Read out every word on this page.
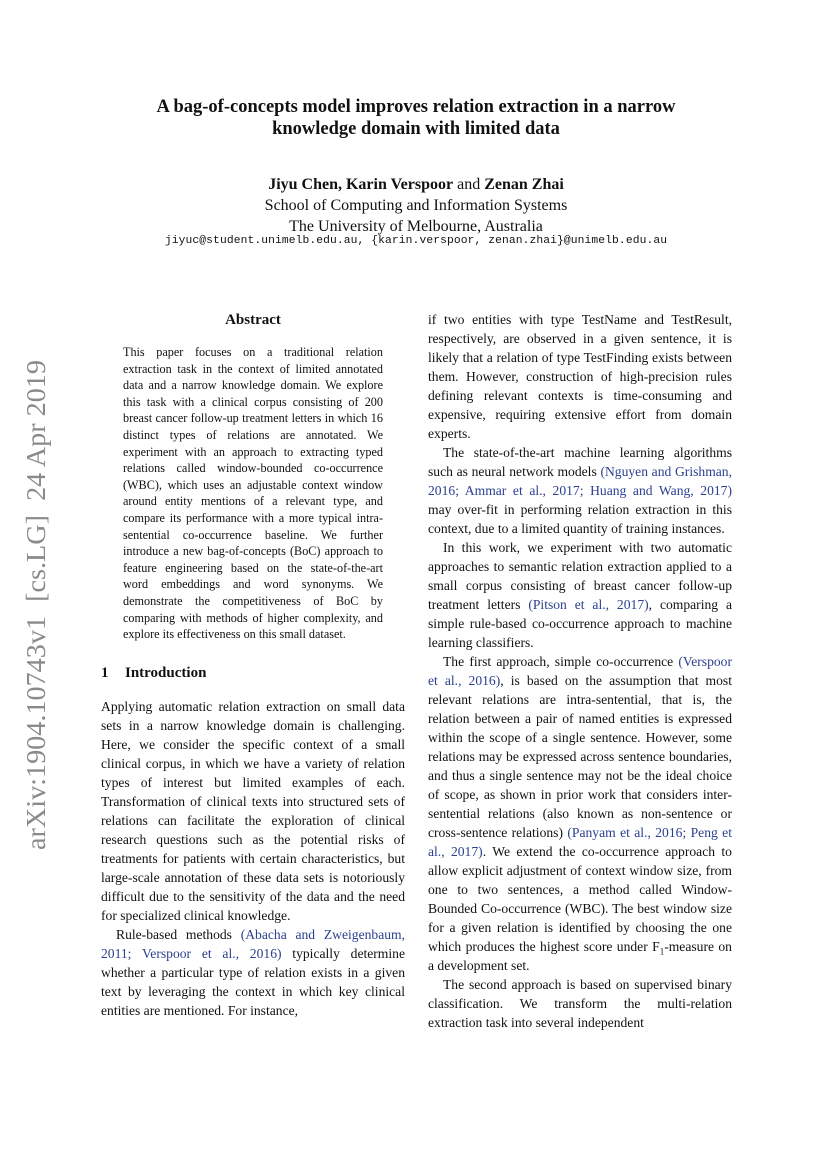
A bag-of-concepts model improves relation extraction in a narrow
knowledge domain with limited data
Jiyu Chen, Karin Verspoor and Zenan Zhai
School of Computing and Information Systems
The University of Melbourne, Australia
jiyuc@student.unimelb.edu.au, {karin.verspoor, zenan.zhai}@unimelb.edu.au
arXiv:1904.10743v1  [cs.LG]  24 Apr 2019
Abstract

This paper focuses on a traditional relation extraction task in the context of limited annotated data and a narrow knowledge domain. We explore this task with a clinical corpus consisting of 200 breast cancer follow-up treatment letters in which 16 distinct types of relations are annotated. We experiment with an approach to extracting typed relations called window-bounded co-occurrence (WBC), which uses an adjustable context window around entity mentions of a relevant type, and compare its performance with a more typical intra-sentential co-occurrence baseline. We further introduce a new bag-of-concepts (BoC) approach to feature engineering based on the state-of-the-art word embeddings and word synonyms. We demonstrate the competitiveness of BoC by comparing with methods of higher complexity, and explore its effectiveness on this small dataset.

1 Introduction

Applying automatic relation extraction on small data sets in a narrow knowledge domain is challenging. Here, we consider the specific context of a small clinical corpus, in which we have a variety of relation types of interest but limited examples of each. Transformation of clinical texts into structured sets of relations can facilitate the exploration of clinical research questions such as the potential risks of treatments for patients with certain characteristics, but large-scale annotation of these data sets is notoriously difficult due to the sensitivity of the data and the need for specialized clinical knowledge.

Rule-based methods (Abacha and Zweigenbaum, 2011; Verspoor et al., 2016) typically determine whether a particular type of relation exists in a given text by leveraging the context in which key clinical entities are mentioned. For instance,

if two entities with type TestName and TestResult, respectively, are observed in a given sentence, it is likely that a relation of type TestFinding exists between them. However, construction of high-precision rules defining relevant contexts is time-consuming and expensive, requiring extensive effort from domain experts.

The state-of-the-art machine learning algorithms such as neural network models (Nguyen and Grishman, 2016; Ammar et al., 2017; Huang and Wang, 2017) may over-fit in performing relation extraction in this context, due to a limited quantity of training instances.

In this work, we experiment with two automatic approaches to semantic relation extraction applied to a small corpus consisting of breast cancer follow-up treatment letters (Pitson et al., 2017), comparing a simple rule-based co-occurrence approach to machine learning classifiers.

The first approach, simple co-occurrence (Verspoor et al., 2016), is based on the assumption that most relevant relations are intra-sentential, that is, the relation between a pair of named entities is expressed within the scope of a single sentence. However, some relations may be expressed across sentence boundaries, and thus a single sentence may not be the ideal choice of scope, as shown in prior work that considers inter-sentential relations (also known as non-sentence or cross-sentence relations) (Panyam et al., 2016; Peng et al., 2017). We extend the co-occurrence approach to allow explicit adjustment of context window size, from one to two sentences, a method called Window-Bounded Co-occurrence (WBC). The best window size for a given relation is identified by choosing the one which produces the highest score under $F_1$-measure on a development set.

The second approach is based on supervised binary classification. We transform the multi-relation extraction task into several independent
